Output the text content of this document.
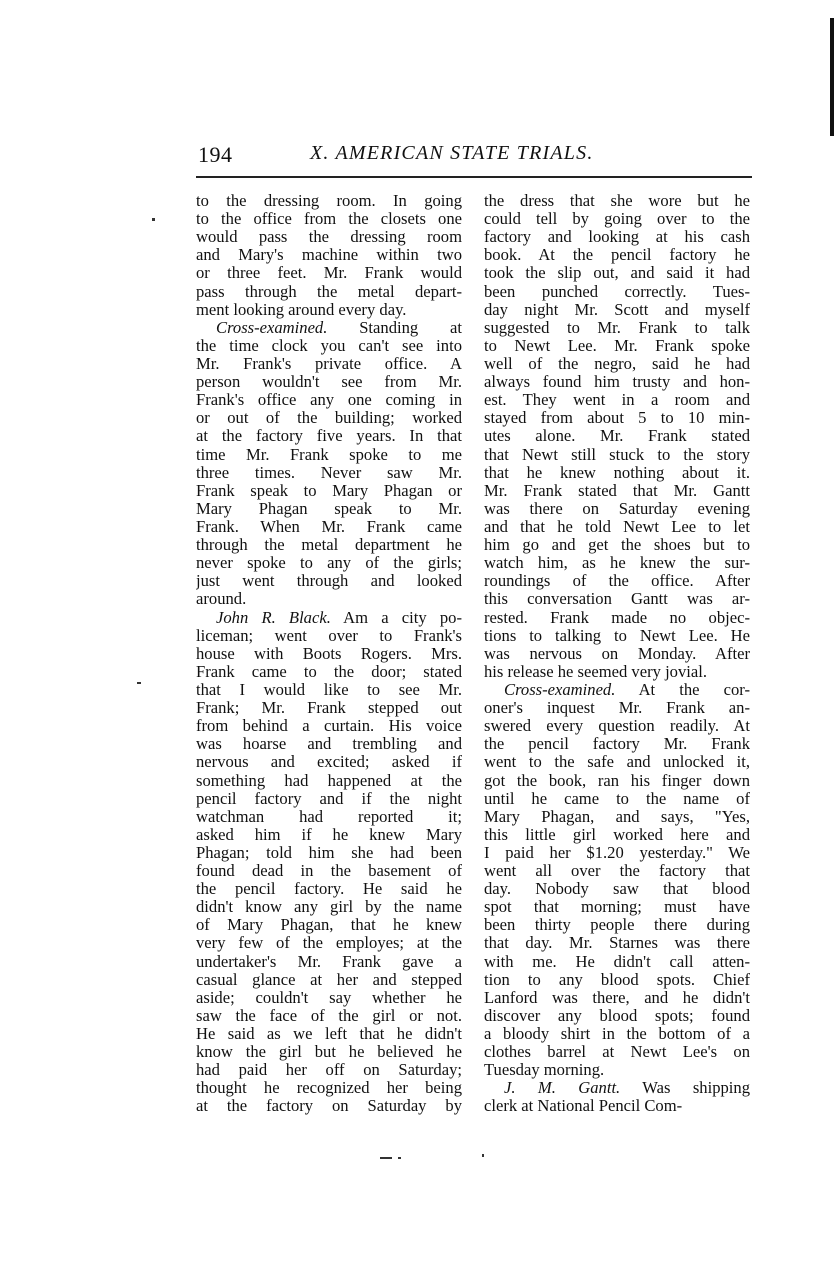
194	X. AMERICAN STATE TRIALS.
to the dressing room. In going
to the office from the closets one
would pass the dressing room
and Mary's machine within two
or three feet. Mr. Frank would
pass through the metal depart-
ment looking around every day.
Cross-examined. Standing at
the time clock you can't see into
Mr. Frank's private office. A
person wouldn't see from Mr.
Frank's office any one coming in
or out of the building; worked
at the factory five years. In that
time Mr. Frank spoke to me
three times. Never saw Mr.
Frank speak to Mary Phagan or
Mary Phagan speak to Mr.
Frank. When Mr. Frank came
through the metal department he
never spoke to any of the girls;
just went through and looked
around.
John R. Black. Am a city po-
liceman; went over to Frank's
house with Boots Rogers. Mrs.
Frank came to the door; stated
that I would like to see Mr.
Frank; Mr. Frank stepped out
from behind a curtain. His voice
was hoarse and trembling and
nervous and excited; asked if
something had happened at the
pencil factory and if the night
watchman had reported it;
asked him if he knew Mary
Phagan; told him she had been
found dead in the basement of
the pencil factory. He said he
didn't know any girl by the name
of Mary Phagan, that he knew
very few of the employes; at the
undertaker's Mr. Frank gave a
casual glance at her and stepped
aside; couldn't say whether he
saw the face of the girl or not.
He said as we left that he didn't
know the girl but he believed he
had paid her off on Saturday;
thought he recognized her being
at the factory on Saturday by
the dress that she wore but he
could tell by going over to the
factory and looking at his cash
book. At the pencil factory he
took the slip out, and said it had
been punched correctly. Tues-
day night Mr. Scott and myself
suggested to Mr. Frank to talk
to Newt Lee. Mr. Frank spoke
well of the negro, said he had
always found him trusty and hon-
est. They went in a room and
stayed from about 5 to 10 min-
utes alone. Mr. Frank stated
that Newt still stuck to the story
that he knew nothing about it.
Mr. Frank stated that Mr. Gantt
was there on Saturday evening
and that he told Newt Lee to let
him go and get the shoes but to
watch him, as he knew the sur-
roundings of the office. After
this conversation Gantt was ar-
rested. Frank made no objec-
tions to talking to Newt Lee. He
was nervous on Monday. After
his release he seemed very jovial.
Cross-examined. At the cor-
oner's inquest Mr. Frank an-
swered every question readily. At
the pencil factory Mr. Frank
went to the safe and unlocked it,
got the book, ran his finger down
until he came to the name of
Mary Phagan, and says, "Yes,
this little girl worked here and
I paid her $1.20 yesterday." We
went all over the factory that
day. Nobody saw that blood
spot that morning; must have
been thirty people there during
that day. Mr. Starnes was there
with me. He didn't call atten-
tion to any blood spots. Chief
Lanford was there, and he didn't
discover any blood spots; found
a bloody shirt in the bottom of a
clothes barrel at Newt Lee's on
Tuesday morning.
J. M. Gantt. Was shipping
clerk at National Pencil Com-
